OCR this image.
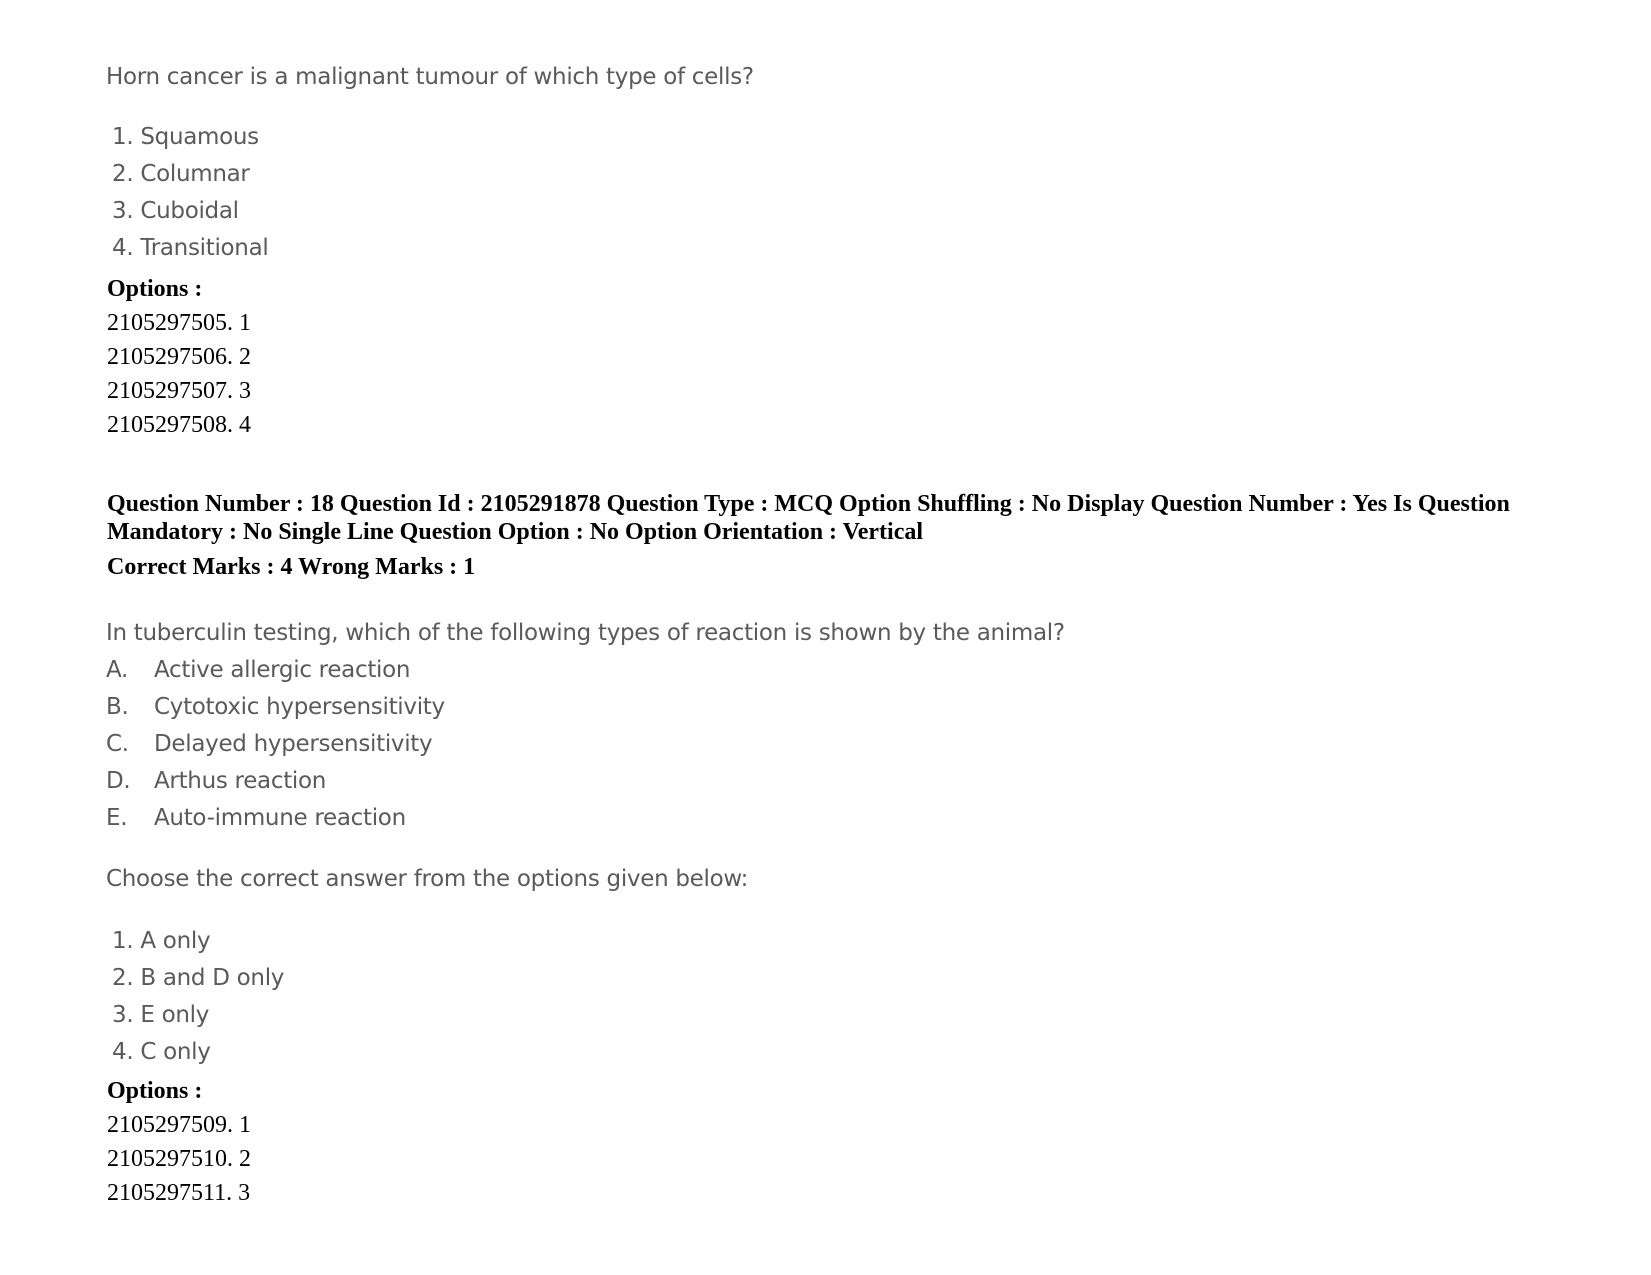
Horn cancer is a malignant tumour of which type of cells?
1. Squamous
2. Columnar
3. Cuboidal
4. Transitional
Options :
2105297505. 1
2105297506. 2
2105297507. 3
2105297508. 4
Question Number : 18 Question Id : 2105291878 Question Type : MCQ Option Shuffling : No Display Question Number : Yes Is Question Mandatory : No Single Line Question Option : No Option Orientation : Vertical
Correct Marks : 4 Wrong Marks : 1
In tuberculin testing, which of the following types of reaction is shown by the animal?
A. Active allergic reaction
B. Cytotoxic hypersensitivity
C. Delayed hypersensitivity
D. Arthus reaction
E. Auto-immune reaction
Choose the correct answer from the options given below:
1. A only
2. B and D only
3. E only
4. C only
Options :
2105297509. 1
2105297510. 2
2105297511. 3
